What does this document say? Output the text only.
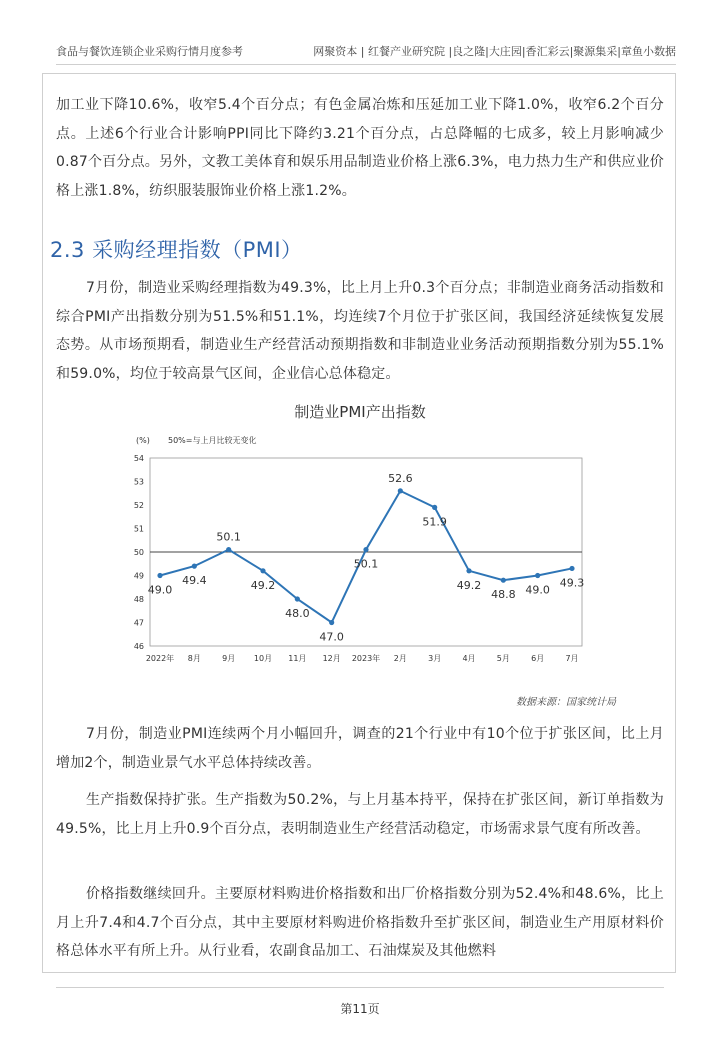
食品与餐饮连锁企业采购行情月度参考	网聚资本 | 红餐产业研究院 |良之隆|大庄园|香汇彩云|聚源集采|章鱼小数据

加工业下降10.6%，收窄5.4个百分点；有色金属冶炼和压延加工业下降1.0%，收窄6.2个百分点。上述6个行业合计影响PPI同比下降约3.21个百分点，占总降幅的七成多，较上月影响减少0.87个百分点。另外，文教工美体育和娱乐用品制造业价格上涨6.3%，电力热力生产和供应业价格上涨1.8%，纺织服装服饰业价格上涨1.2%。

2.3 采购经理指数（PMI）

7月份，制造业采购经理指数为49.3%，比上月上升0.3个百分点；非制造业商务活动指数和综合PMI产出指数分别为51.5%和51.1%，均连续7个月位于扩张区间，我国经济延续恢复发展态势。从市场预期看，制造业生产经营活动预期指数和非制造业业务活动预期指数分别为55.1%和59.0%，均位于较高景气区间，企业信心总体稳定。

制造业PMI产出指数
(%) 50%=与上月比较无变化
54
53
52
51
50
49
48
47
46
2022年 8月	9月 10月 11月 12月 2023年 2月	3月	4月	5月	6月	7月
49.0
49.4
50.1
49.2
48.0
47.0
50.1
52.6
51.9
49.2
48.8 49.0
49.3
数据来源：国家统计局

7月份，制造业PMI连续两个月小幅回升，调查的21个行业中有10个位于扩张区间，比上月增加2个，制造业景气水平总体持续改善。

生产指数保持扩张。生产指数为50.2%，与上月基本持平，保持在扩张区间，新订单指数为49.5%，比上月上升0.9个百分点，表明制造业生产经营活动稳定，市场需求景气度有所改善。

价格指数继续回升。主要原材料购进价格指数和出厂价格指数分别为52.4%和48.6%，比上月上升7.4和4.7个百分点，其中主要原材料购进价格指数升至扩张区间，制造业生产用原材料价格总体水平有所上升。从行业看，农副食品加工、石油煤炭及其他燃料

第11页
